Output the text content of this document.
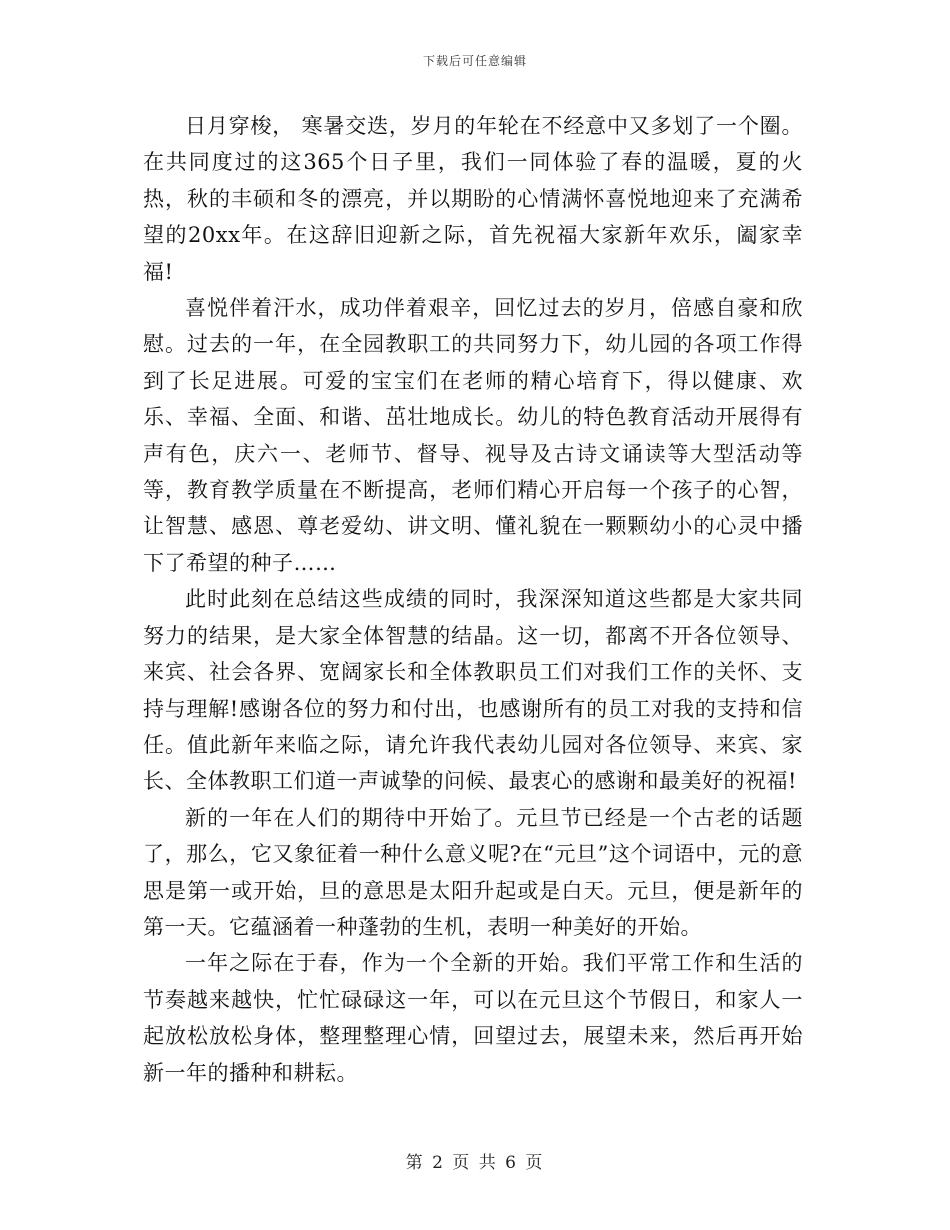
下载后可任意编辑

日月穿梭， 寒暑交迭，岁月的年轮在不经意中又多划了一个圈。在共同度过的这365个日子里，我们一同体验了春的温暖，夏的火热，秋的丰硕和冬的漂亮，并以期盼的心情满怀喜悦地迎来了充满希望的20xx年。在这辞旧迎新之际，首先祝福大家新年欢乐，阖家幸福!

喜悦伴着汗水，成功伴着艰辛，回忆过去的岁月，倍感自豪和欣慰。过去的一年，在全园教职工的共同努力下，幼儿园的各项工作得到了长足进展。可爱的宝宝们在老师的精心培育下，得以健康、欢乐、幸福、全面、和谐、茁壮地成长。幼儿的特色教育活动开展得有声有色，庆六一、老师节、督导、视导及古诗文诵读等大型活动等等，教育教学质量在不断提高，老师们精心开启每一个孩子的心智，让智慧、感恩、尊老爱幼、讲文明、懂礼貌在一颗颗幼小的心灵中播下了希望的种子……

此时此刻在总结这些成绩的同时，我深深知道这些都是大家共同努力的结果，是大家全体智慧的结晶。这一切，都离不开各位领导、来宾、社会各界、宽阔家长和全体教职员工们对我们工作的关怀、支持与理解!感谢各位的努力和付出，也感谢所有的员工对我的支持和信任。值此新年来临之际，请允许我代表幼儿园对各位领导、来宾、家长、全体教职工们道一声诚挚的问候、最衷心的感谢和最美好的祝福!

新的一年在人们的期待中开始了。元旦节已经是一个古老的话题了，那么，它又象征着一种什么意义呢?在“元旦”这个词语中，元的意思是第一或开始，旦的意思是太阳升起或是白天。元旦，便是新年的第一天。它蕴涵着一种蓬勃的生机，表明一种美好的开始。

一年之际在于春，作为一个全新的开始。我们平常工作和生活的节奏越来越快，忙忙碌碌这一年，可以在元旦这个节假日，和家人一起放松放松身体，整理整理心情，回望过去，展望未来，然后再开始新一年的播种和耕耘。

第 2 页 共 6 页
